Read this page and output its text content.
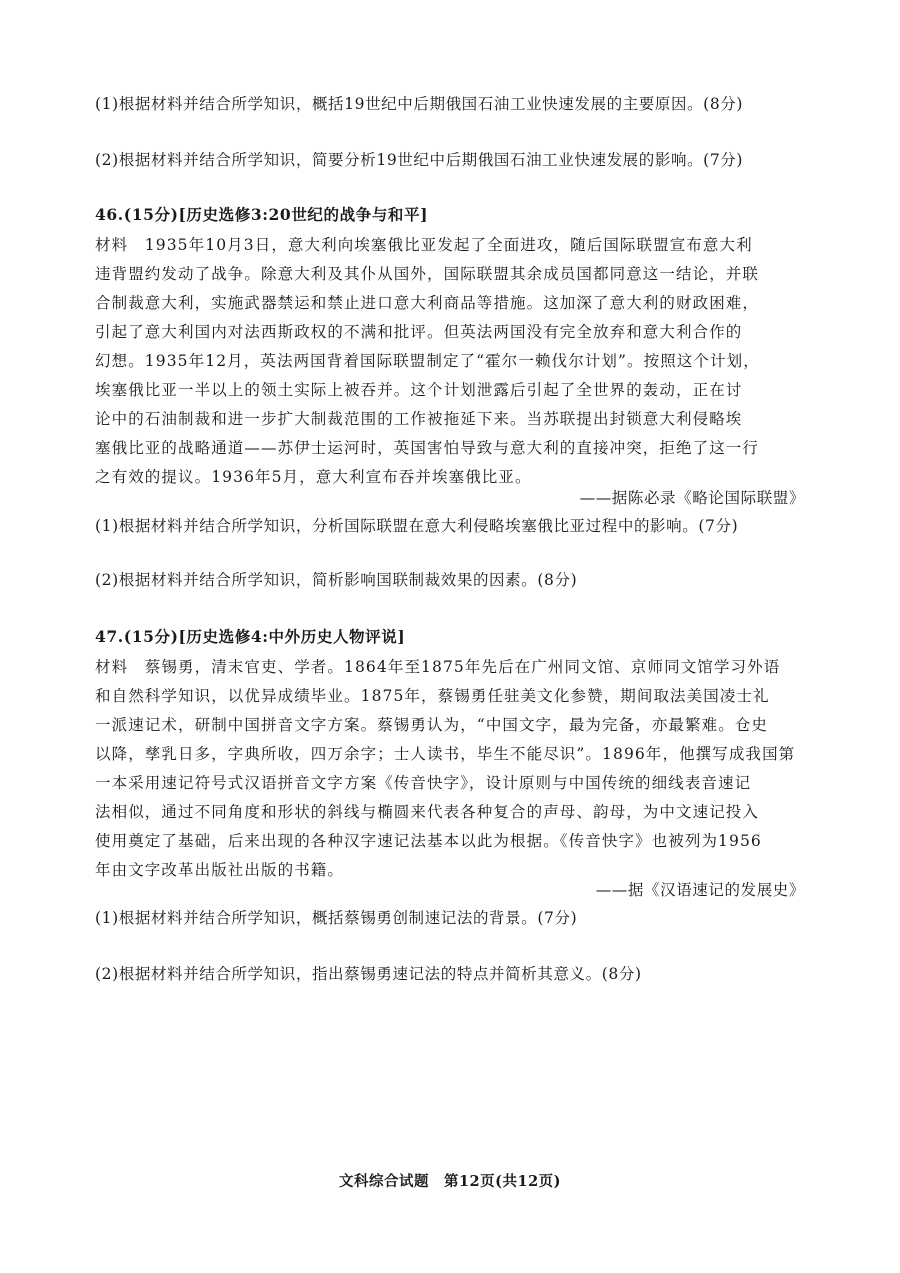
(1)根据材料并结合所学知识，概括19世纪中后期俄国石油工业快速发展的主要原因。(8分)
(2)根据材料并结合所学知识，简要分析19世纪中后期俄国石油工业快速发展的影响。(7分)
46.(15分)[历史选修3:20世纪的战争与和平]
材料　1935年10月3日，意大利向埃塞俄比亚发起了全面进攻，随后国际联盟宣布意大利
违背盟约发动了战争。除意大利及其仆从国外，国际联盟其余成员国都同意这一结论，并联
合制裁意大利，实施武器禁运和禁止进口意大利商品等措施。这加深了意大利的财政困难，
引起了意大利国内对法西斯政权的不满和批评。但英法两国没有完全放弃和意大利合作的
幻想。1935年12月，英法两国背着国际联盟制定了“霍尔一赖伐尔计划”。按照这个计划，
埃塞俄比亚一半以上的领土实际上被吞并。这个计划泄露后引起了全世界的轰动，正在讨
论中的石油制裁和进一步扩大制裁范围的工作被拖延下来。当苏联提出封锁意大利侵略埃
塞俄比亚的战略通道——苏伊士运河时，英国害怕导致与意大利的直接冲突，拒绝了这一行
之有效的提议。1936年5月，意大利宣布吞并埃塞俄比亚。
——据陈必录《略论国际联盟》
(1)根据材料并结合所学知识，分析国际联盟在意大利侵略埃塞俄比亚过程中的影响。(7分)
(2)根据材料并结合所学知识，简析影响国联制裁效果的因素。(8分)
47.(15分)[历史选修4:中外历史人物评说]
材料　蔡锡勇，清末官吏、学者。1864年至1875年先后在广州同文馆、京师同文馆学习外语
和自然科学知识，以优异成绩毕业。1875年，蔡锡勇任驻美文化参赞，期间取法美国凌士礼
一派速记术，研制中国拼音文字方案。蔡锡勇认为，“中国文字，最为完备，亦最繁难。仓史
以降，孳乳日多，字典所收，四万余字；士人读书，毕生不能尽识”。1896年，他撰写成我国第
一本采用速记符号式汉语拼音文字方案《传音快字》，设计原则与中国传统的细线表音速记
法相似，通过不同角度和形状的斜线与椭圆来代表各种复合的声母、韵母，为中文速记投入
使用奠定了基础，后来出现的各种汉字速记法基本以此为根据。《传音快字》也被列为1956
年由文字改革出版社出版的书籍。
——据《汉语速记的发展史》
(1)根据材料并结合所学知识，概括蔡锡勇创制速记法的背景。(7分)
(2)根据材料并结合所学知识，指出蔡锡勇速记法的特点并简析其意义。(8分)
文科综合试题　第12页(共12页)
